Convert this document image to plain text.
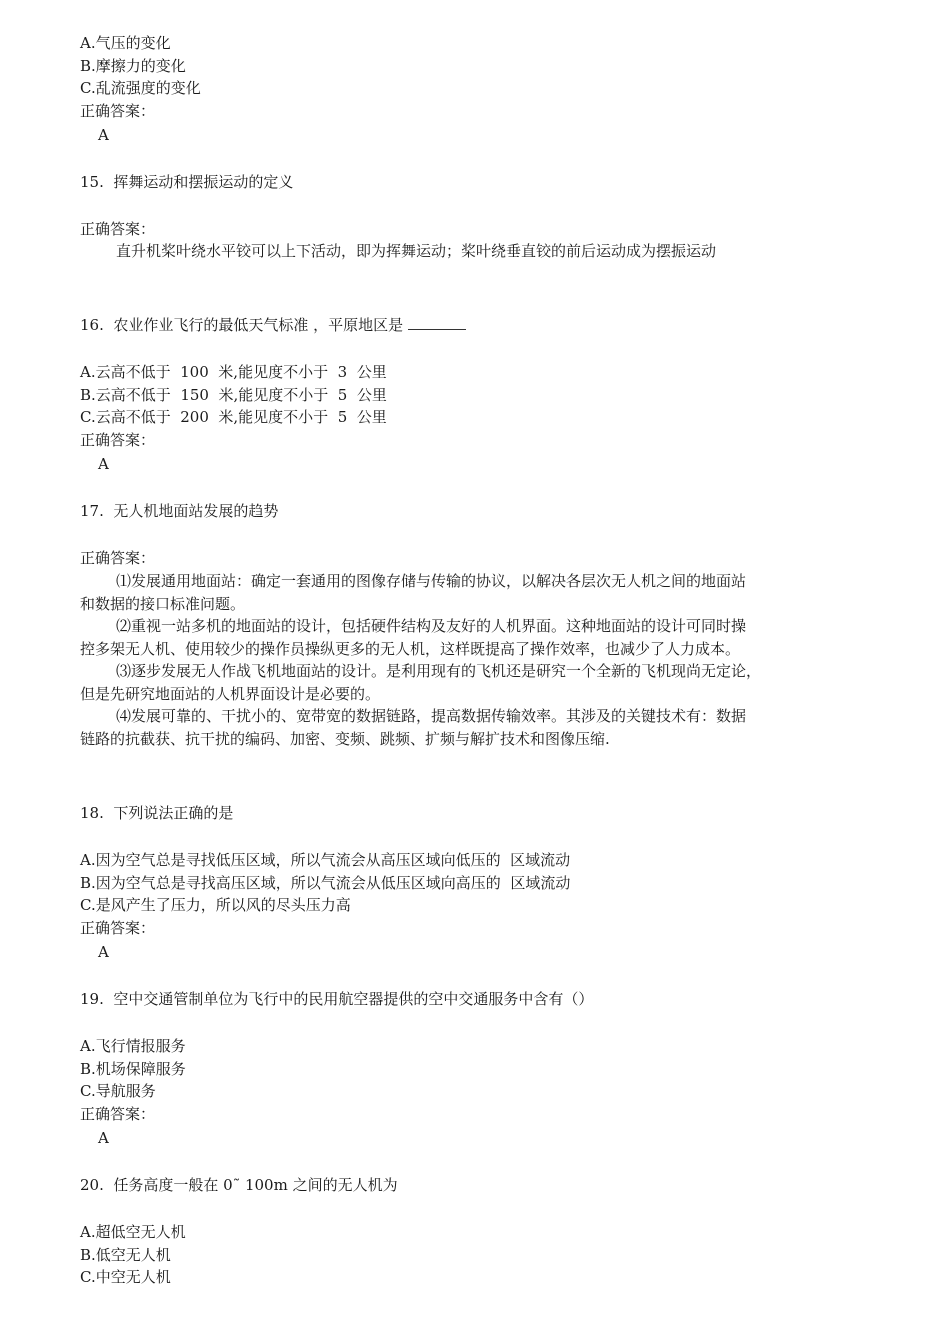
A.气压的变化
B.摩擦力的变化
C.乱流强度的变化
正确答案：
A
15.  挥舞运动和摆振运动的定义
正确答案：
直升机桨叶绕水平铰可以上下活动，即为挥舞运动；桨叶绕垂直铰的前后运动成为摆振运动
16.  农业作业飞行的最低天气标准 ，平原地区是
A.云高不低于  100  米,能见度不小于  3  公里
B.云高不低于  150  米,能见度不小于  5  公里
C.云高不低于  200  米,能见度不小于  5  公里
正确答案：
A
17.  无人机地面站发展的趋势
正确答案：
⑴发展通用地面站：确定一套通用的图像存储与传输的协议，以解决各层次无人机之间的地面站
和数据的接口标准问题。
⑵重视一站多机的地面站的设计，包括硬件结构及友好的人机界面。这种地面站的设计可同时操
控多架无人机、使用较少的操作员操纵更多的无人机，这样既提高了操作效率，也减少了人力成本。
⑶逐步发展无人作战飞机地面站的设计。是利用现有的飞机还是研究一个全新的飞机现尚无定论，
但是先研究地面站的人机界面设计是必要的。
⑷发展可靠的、干扰小的、宽带宽的数据链路，提高数据传输效率。其涉及的关键技术有：数据
链路的抗截获、抗干扰的编码、加密、变频、跳频、扩频与解扩技术和图像压缩.
18.  下列说法正确的是
A.因为空气总是寻找低压区域，所以气流会从高压区域向低压的  区域流动
B.因为空气总是寻找高压区域，所以气流会从低压区域向高压的  区域流动
C.是风产生了压力，所以风的尽头压力高
正确答案：
A
19.  空中交通管制单位为飞行中的民用航空器提供的空中交通服务中含有（）
A.飞行情报服务
B.机场保障服务
C.导航服务
正确答案：
A
20.  任务高度一般在 0˜ 100m 之间的无人机为
A.超低空无人机
B.低空无人机
C.中空无人机
